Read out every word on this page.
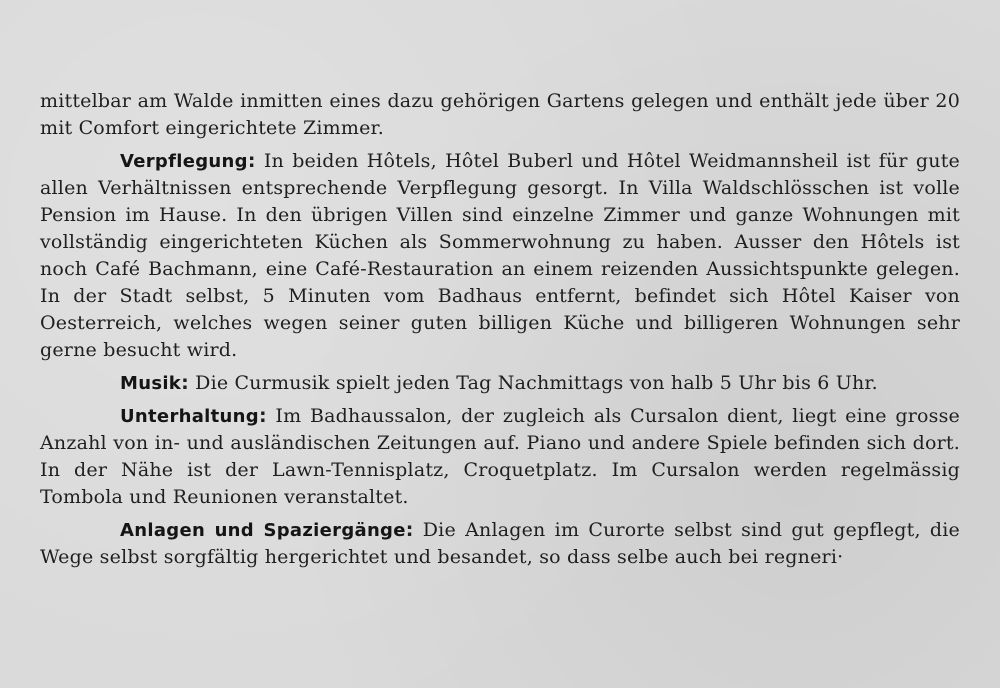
mittelbar am Walde inmitten eines dazu gehörigen Gartens gelegen und enthält jede über 20 mit Comfort eingerichtete Zimmer.

Verpflegung: In beiden Hôtels, Hôtel Buberl und Hôtel Weidmannsheil ist für gute allen Verhältnissen entsprechende Verpflegung gesorgt. In Villa Waldschlösschen ist volle Pension im Hause. In den übrigen Villen sind einzelne Zimmer und ganze Wohnungen mit vollständig eingerichteten Küchen als Sommerwohnung zu haben. Ausser den Hôtels ist noch Café Bachmann, eine Café-Restauration an einem reizenden Aussichtspunkte gelegen. In der Stadt selbst, 5 Minuten vom Badhaus entfernt, befindet sich Hôtel Kaiser von Oesterreich, welches wegen seiner guten billigen Küche und billigeren Wohnungen sehr gerne besucht wird.

Musik: Die Curmusik spielt jeden Tag Nachmittags von halb 5 Uhr bis 6 Uhr.

Unterhaltung: Im Badhaussalon, der zugleich als Cursalon dient, liegt eine grosse Anzahl von in- und ausländischen Zeitungen auf. Piano und andere Spiele befinden sich dort. In der Nähe ist der Lawn-Tennisplatz, Croquetplatz. Im Cursalon werden regelmässig Tombola und Reunionen veranstaltet.

Anlagen und Spaziergänge: Die Anlagen im Curorte selbst sind gut gepflegt, die Wege selbst sorgfältig hergerichtet und besandet, so dass selbe auch bei regneri·
